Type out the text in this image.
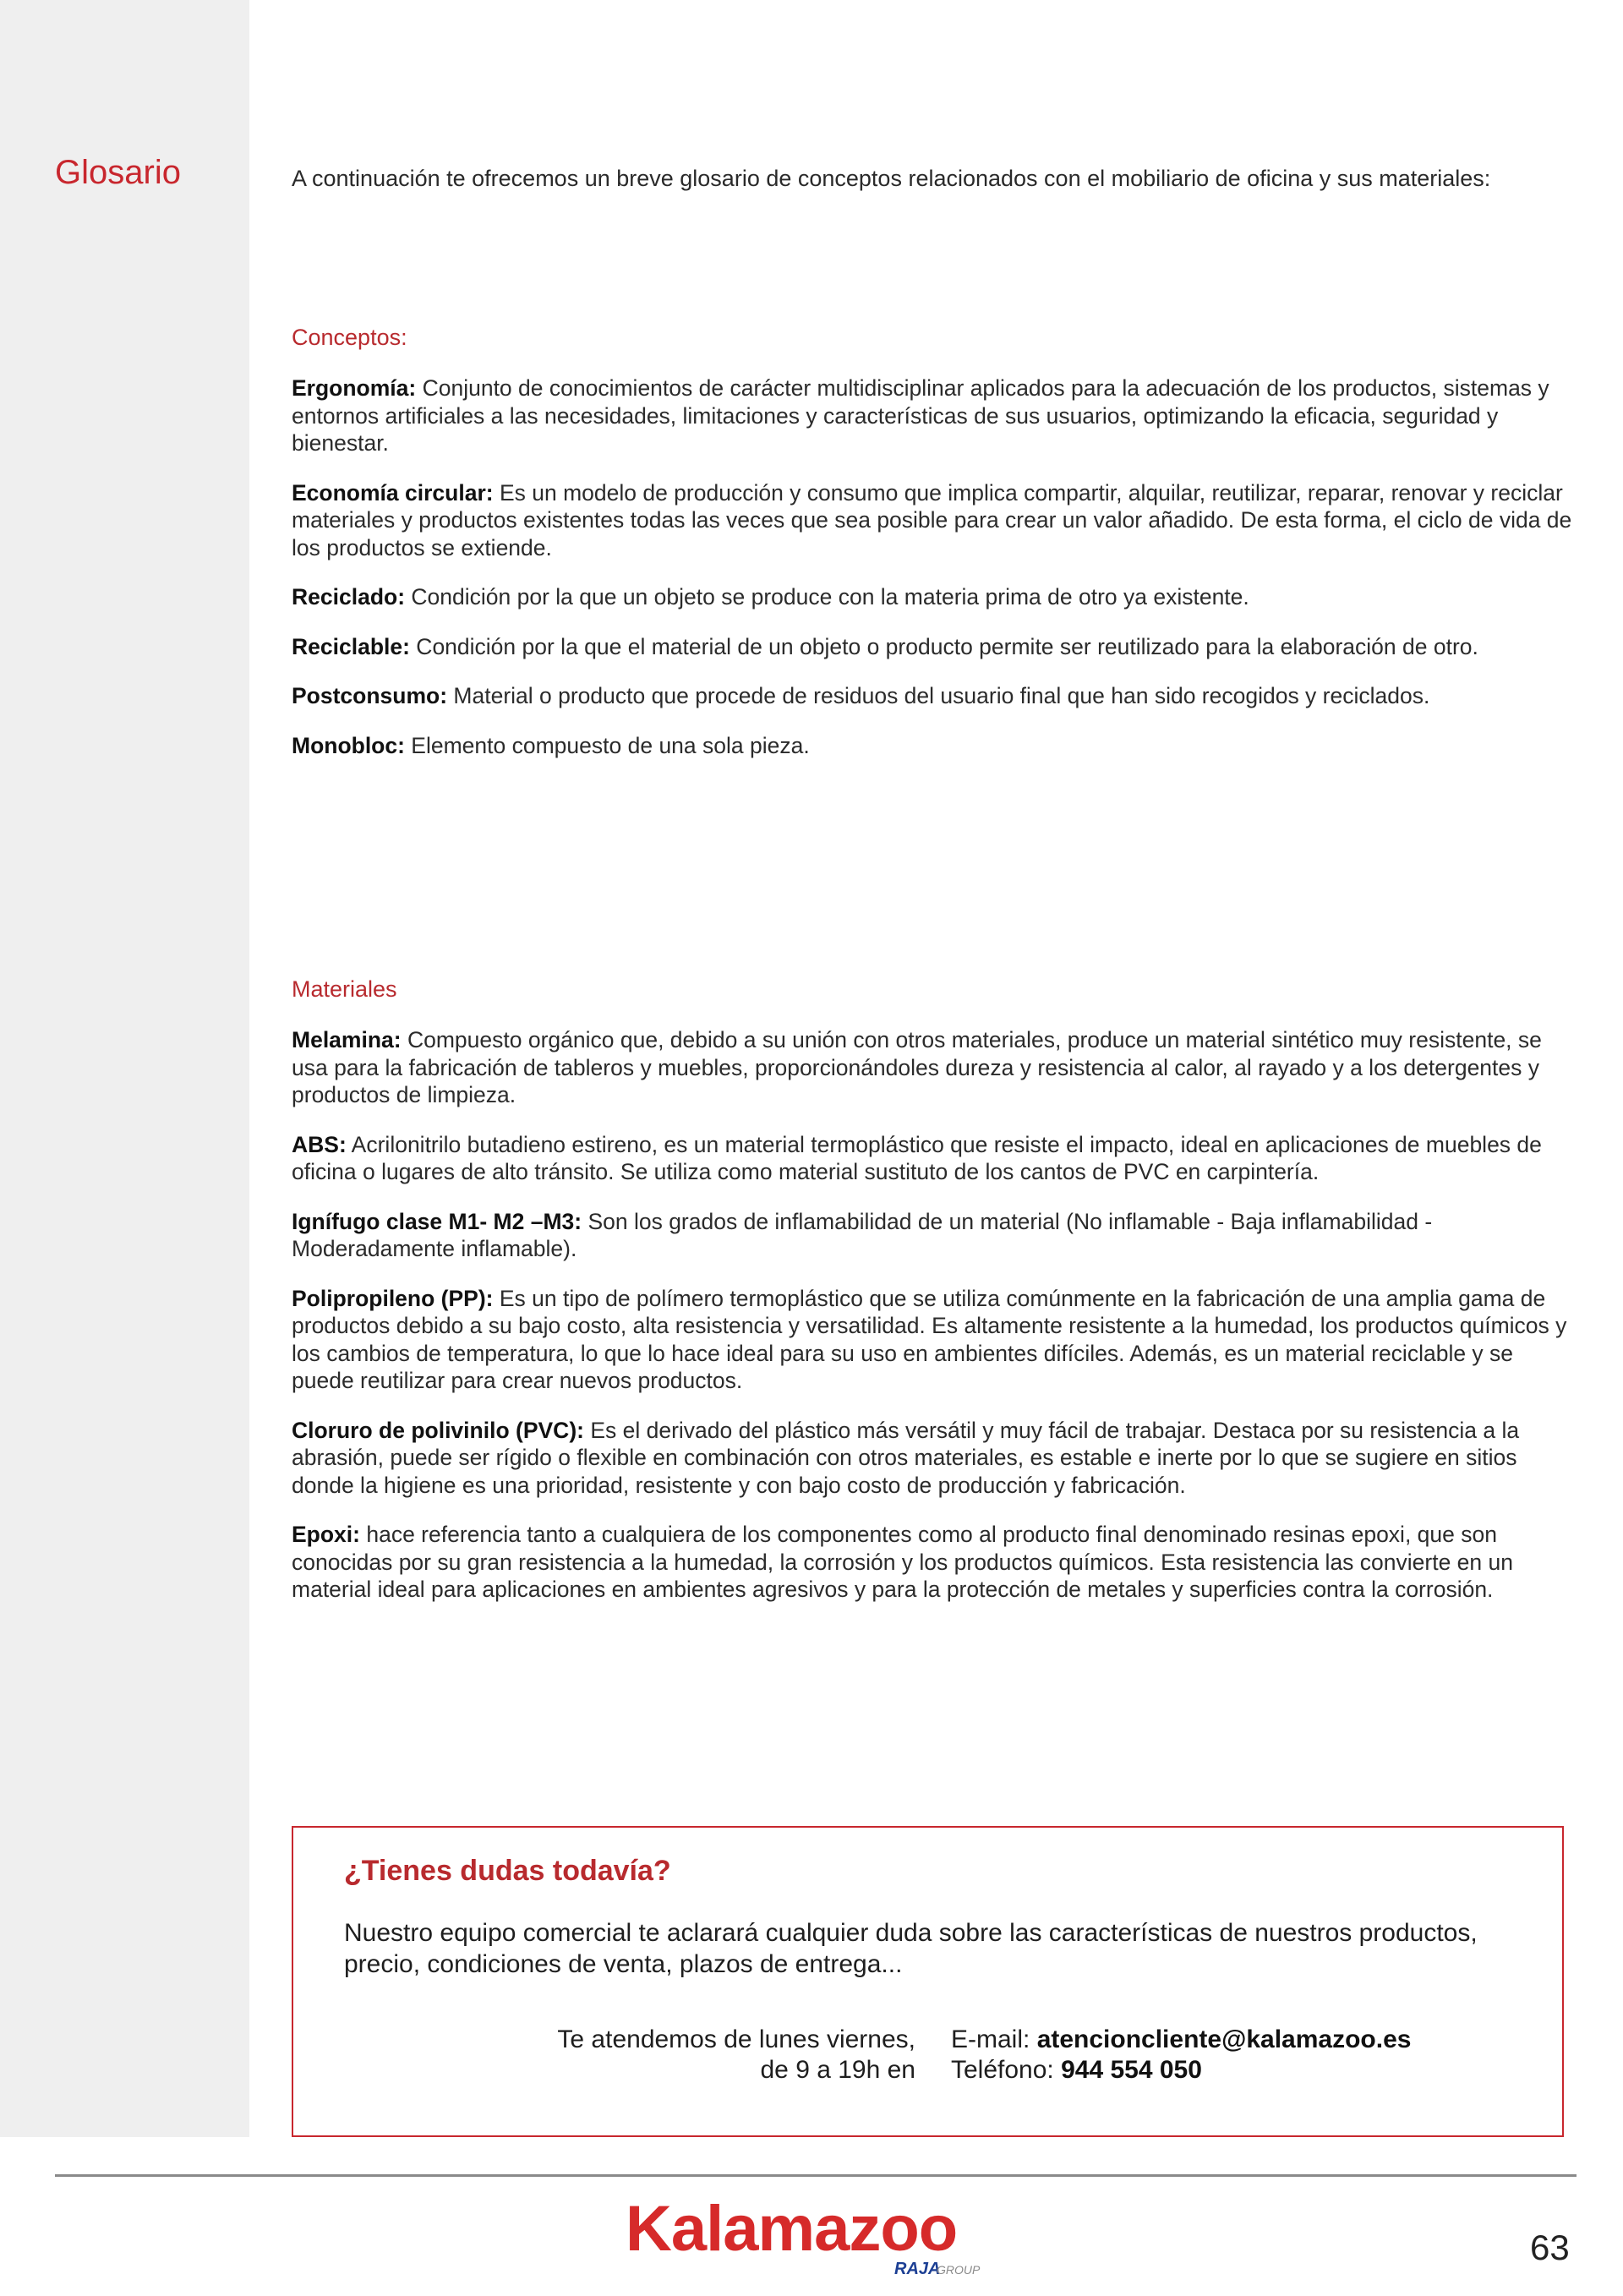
Glosario	A continuación te ofrecemos un breve glosario de conceptos relacionados con el mobiliario de oficina y sus materiales:
Conceptos:

Ergonomía: Conjunto de conocimientos de carácter multidisciplinar aplicados para la adecuación de los productos, sistemas y entornos artificiales a las necesidades, limitaciones y características de sus usuarios, optimizando la eficacia, seguridad y bienestar.

Economía circular: Es un modelo de producción y consumo que implica compartir, alquilar, reutilizar, reparar, renovar y reciclar materiales y productos existentes todas las veces que sea posible para crear un valor añadido. De esta forma, el ciclo de vida de los productos se extiende.

Reciclado: Condición por la que un objeto se produce con la materia prima de otro ya existente.

Reciclable: Condición por la que el material de un objeto o producto permite ser reutilizado para la elaboración de otro.

Postconsumo: Material o producto que procede de residuos del usuario final que han sido recogidos y reciclados.

Monobloc: Elemento compuesto de una sola pieza.

Materiales

Melamina: Compuesto orgánico que, debido a su unión con otros materiales, produce un material sintético muy resistente, se usa para la fabricación de tableros y muebles, proporcionándoles dureza y resistencia al calor, al rayado y a los detergentes y productos de limpieza.

ABS: Acrilonitrilo butadieno estireno, es un material termoplástico que resiste el impacto, ideal en aplicaciones de muebles de oficina o lugares de alto tránsito. Se utiliza como material sustituto de los cantos de PVC en carpintería.

Ignífugo clase M1- M2 –M3: Son los grados de inflamabilidad de un material (No inflamable - Baja inflamabilidad - Moderadamente inflamable).

Polipropileno (PP): Es un tipo de polímero termoplástico que se utiliza comúnmente en la fabricación de una amplia gama de productos debido a su bajo costo, alta resistencia y versatilidad. Es altamente resistente a la humedad, los productos químicos y los cambios de temperatura, lo que lo hace ideal para su uso en ambientes difíciles. Además, es un material reciclable y se puede reutilizar para crear nuevos productos.

Cloruro de polivinilo (PVC): Es el derivado del plástico más versátil y muy fácil de trabajar. Destaca por su resistencia a la abrasión, puede ser rígido o flexible en combinación con otros materiales, es estable e inerte por lo que se sugiere en sitios donde la higiene es una prioridad, resistente y con bajo costo de producción y fabricación.

Epoxi: hace referencia tanto a cualquiera de los componentes como al producto final denominado resinas epoxi, que son conocidas por su gran resistencia a la humedad, la corrosión y los productos químicos. Esta resistencia las convierte en un material ideal para aplicaciones en ambientes agresivos y para la protección de metales y superficies contra la corrosión.

¿Tienes dudas todavía?
Nuestro equipo comercial te aclarará cualquier duda sobre las características de nuestros productos, precio, condiciones de venta, plazos de entrega...
Te atendemos de lunes viernes,
de 9 a 19h en
E-mail: atencioncliente@kalamazoo.es
Teléfono: 944 554 050
Kalamazoo
RAJA
GROUP
63
